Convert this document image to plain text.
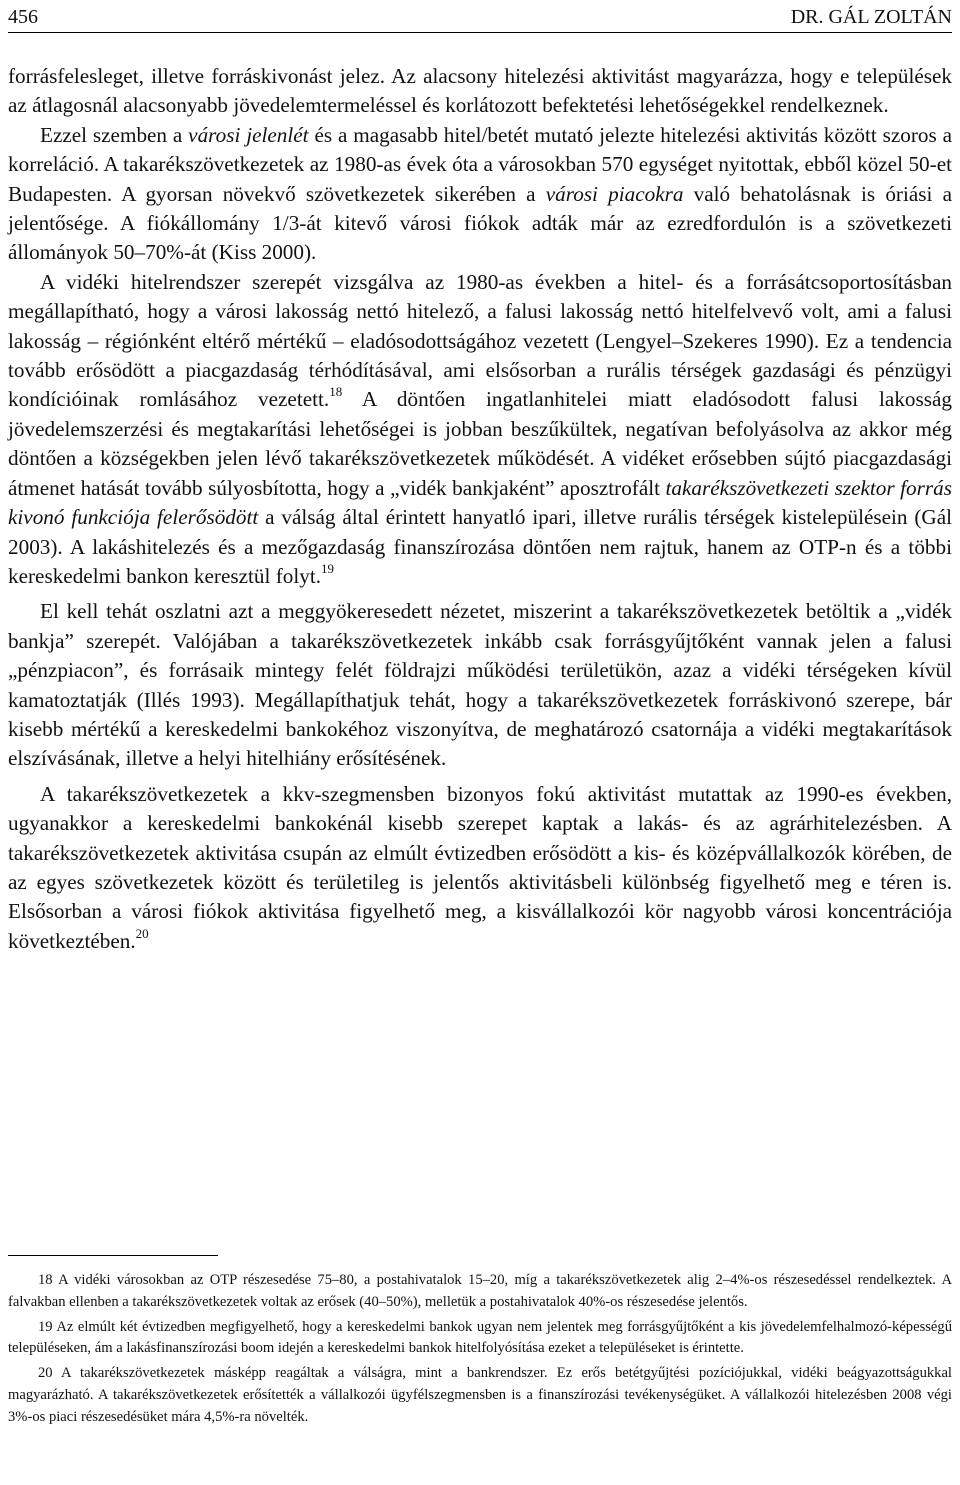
456	DR. GÁL ZOLTÁN

forrásfelesleget, illetve forráskivonást jelez. Az alacsony hitelezési aktivitást magyarázza, hogy e települések az átlagosnál alacsonyabb jövedelemtermeléssel és korlátozott befektetési lehetőségekkel rendelkeznek.

Ezzel szemben a városi jelenlét és a magasabb hitel/betét mutató jelezte hitelezési aktivitás között szoros a korreláció. A takarékszövetkezetek az 1980-as évek óta a városokban 570 egységet nyitottak, ebből közel 50-et Budapesten. A gyorsan növekvő szövetkezetek sikerében a városi piacokra való behatolásnak is óriási a jelentősége. A fiókállomány 1/3-át kitevő városi fiókok adták már az ezredfordulón is a szövetkezeti állományok 50–70%-át (Kiss 2000).

A vidéki hitelrendszer szerepét vizsgálva az 1980-as években a hitel- és a forrásátcsoportosításban megállapítható, hogy a városi lakosság nettó hitelező, a falusi lakosság nettó hitelfelvevő volt, ami a falusi lakosság – régiónként eltérő mértékű – eladósodottságához vezetett (Lengyel–Szekeres 1990). Ez a tendencia tovább erősödött a piacgazdaság térhódításával, ami elsősorban a rurális térségek gazdasági és pénzügyi kondícióinak romlásához vezetett.$^{18}$ A döntően ingatlanhitelei miatt eladósodott falusi lakosság jövedelemszerzési és megtakarítási lehetőségei is jobban beszűkültek, negatívan befolyásolva az akkor még döntően a községekben jelen lévő takarékszövetkezetek működését. A vidéket erősebben sújtó piacgazdasági átmenet hatását tovább súlyosbította, hogy a „vidék bankjaként” aposztrofált takarékszövetkezeti szektor forrás kivonó funkciója felerősödött a válság által érintett hanyatló ipari, illetve rurális térségek kistelepülésein (Gál 2003). A lakáshitelezés és a mezőgazdaság finanszírozása döntően nem rajtuk, hanem az OTP-n és a többi kereskedelmi bankon keresztül folyt.$^{19}$

El kell tehát oszlatni azt a meggyökeresedett nézetet, miszerint a takarékszövetkezetek betöltik a „vidék bankja” szerepét. Valójában a takarékszövetkezetek inkább csak forrásgyűjtőként vannak jelen a falusi „pénzpiacon”, és forrásaik mintegy felét földrajzi működési területükön, azaz a vidéki térségeken kívül kamatoztatják (Illés 1993). Megállapíthatjuk tehát, hogy a takarékszövetkezetek forráskivonó szerepe, bár kisebb mértékű a kereskedelmi bankokéhoz viszonyítva, de meghatározó csatornája a vidéki megtakarítások elszívásának, illetve a helyi hitelhiány erősítésének.

A takarékszövetkezetek a kkv-szegmensben bizonyos fokú aktivitást mutattak az 1990-es években, ugyanakkor a kereskedelmi bankokénál kisebb szerepet kaptak a lakás- és az agrárhitelezésben. A takarékszövetkezetek aktivitása csupán az elmúlt évtizedben erősödött a kis- és középvállalkozók körében, de az egyes szövetkezetek között és területileg is jelentős aktivitásbeli különbség figyelhető meg e téren is. Elsősorban a városi fiókok aktivitása figyelhető meg, a kisvállalkozói kör nagyobb városi koncentrációja következtében.$^{20}$

18 A vidéki városokban az OTP részesedése 75–80, a postahivatalok 15–20, míg a takarékszövetkezetek alig 2–4%-os részesedéssel rendelkeztek. A falvakban ellenben a takarékszövetkezetek voltak az erősek (40–50%), melletük a postahivatalok 40%-os részesedése jelentős.

19 Az elmúlt két évtizedben megfigyelhető, hogy a kereskedelmi bankok ugyan nem jelentek meg forrásgyűjtőként a kis jövedelemfelhalmozó-képességű településeken, ám a lakásfinanszírozási boom idején a kereskedelmi bankok hitelfolyósítása ezeket a településeket is érintette.

20 A takarékszövetkezetek másképp reagáltak a válságra, mint a bankrendszer. Ez erős betétgyűjtési pozíciójukkal, vidéki beágyazottságukkal magyarázható. A takarékszövetkezetek erősítették a vállalkozói ügyfélszegmensben is a finanszírozási tevékenységüket. A vállalkozói hitelezésben 2008 végi 3%-os piaci részesedésüket mára 4,5%-ra növelték.
